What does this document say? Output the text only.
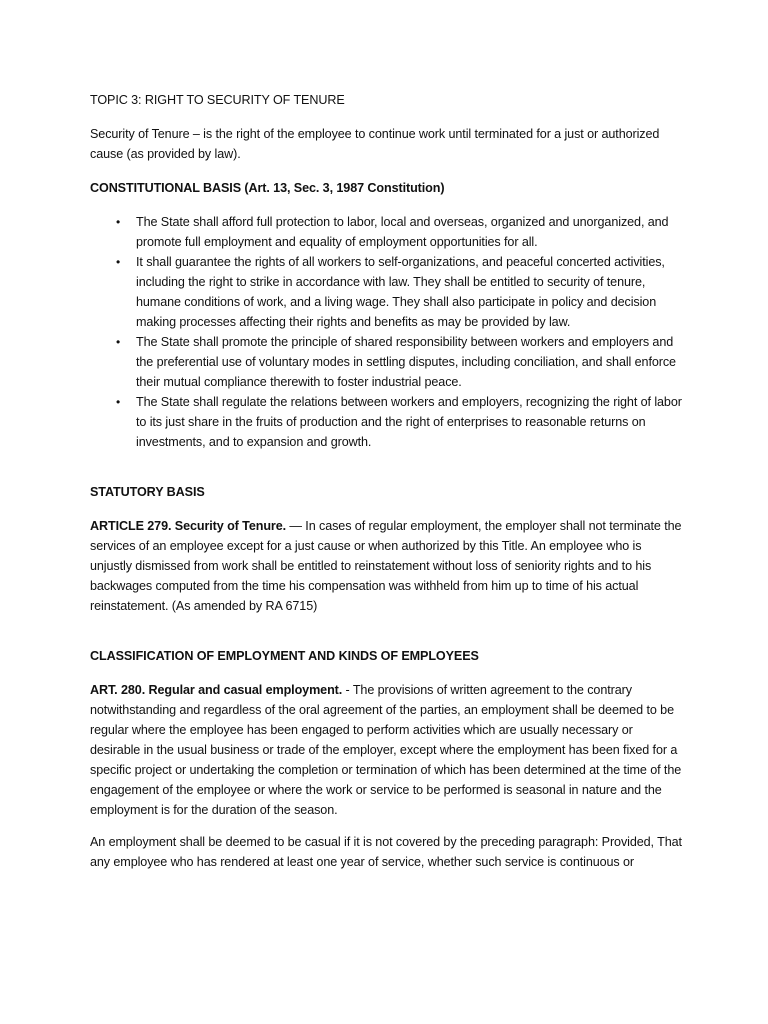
TOPIC 3: RIGHT TO SECURITY OF TENURE

Security of Tenure – is the right of the employee to continue work until terminated for a just or authorized cause (as provided by law).

CONSTITUTIONAL BASIS (Art. 13, Sec. 3, 1987 Constitution)

• The State shall afford full protection to labor, local and overseas, organized and unorganized, and promote full employment and equality of employment opportunities for all.
• It shall guarantee the rights of all workers to self-organizations, and peaceful concerted activities, including the right to strike in accordance with law. They shall be entitled to security of tenure, humane conditions of work, and a living wage. They shall also participate in policy and decision making processes affecting their rights and benefits as may be provided by law.
• The State shall promote the principle of shared responsibility between workers and employers and the preferential use of voluntary modes in settling disputes, including conciliation, and shall enforce their mutual compliance therewith to foster industrial peace.
• The State shall regulate the relations between workers and employers, recognizing the right of labor to its just share in the fruits of production and the right of enterprises to reasonable returns on investments, and to expansion and growth.

STATUTORY BASIS

ARTICLE 279. Security of Tenure. — In cases of regular employment, the employer shall not terminate the services of an employee except for a just cause or when authorized by this Title. An employee who is unjustly dismissed from work shall be entitled to reinstatement without loss of seniority rights and to his backwages computed from the time his compensation was withheld from him up to time of his actual reinstatement. (As amended by RA 6715)

CLASSIFICATION OF EMPLOYMENT AND KINDS OF EMPLOYEES

ART. 280. Regular and casual employment. - The provisions of written agreement to the contrary notwithstanding and regardless of the oral agreement of the parties, an employment shall be deemed to be regular where the employee has been engaged to perform activities which are usually necessary or desirable in the usual business or trade of the employer, except where the employment has been fixed for a specific project or undertaking the completion or termination of which has been determined at the time of the engagement of the employee or where the work or service to be performed is seasonal in nature and the employment is for the duration of the season.

An employment shall be deemed to be casual if it is not covered by the preceding paragraph: Provided, That any employee who has rendered at least one year of service, whether such service is continuous or
